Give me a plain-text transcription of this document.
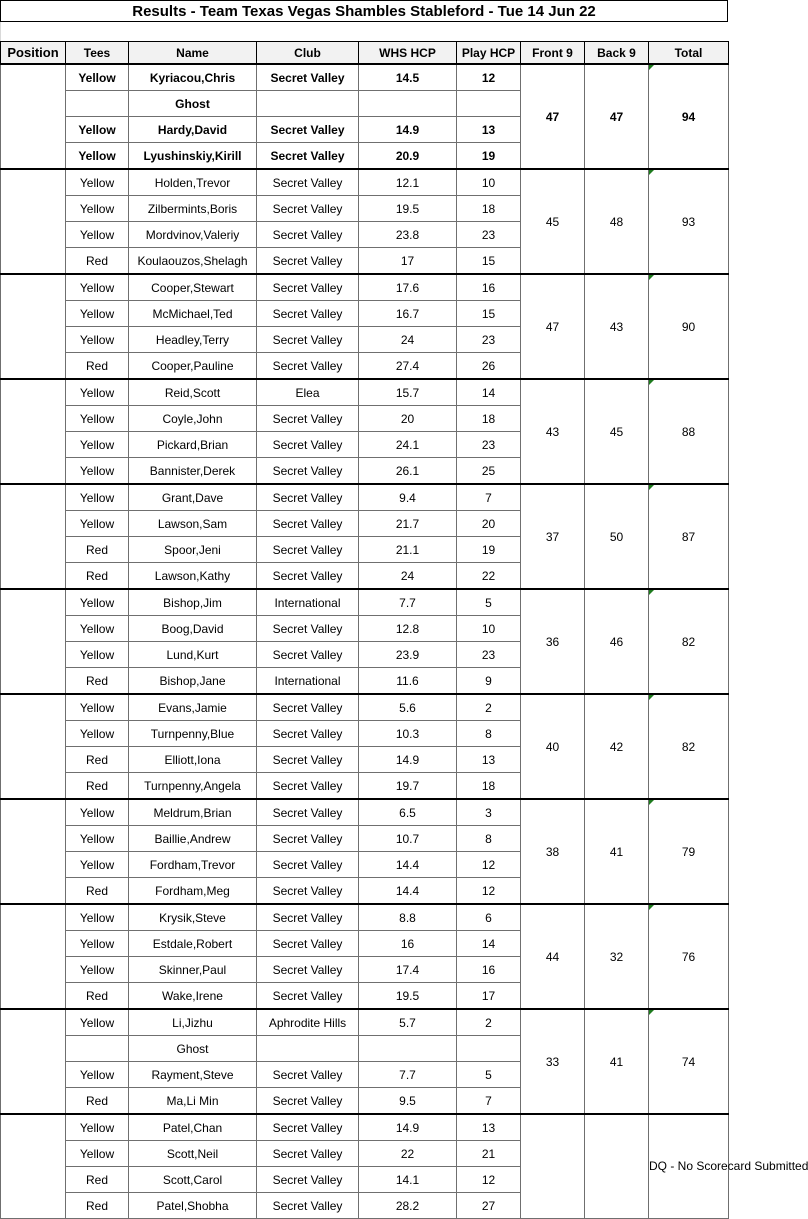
Results - Team Texas Vegas Shambles Stableford - Tue 14 Jun 22
Position	Tees	Name	Club	WHS HCP	Play HCP	Front 9	Back 9	Total
	Yellow	Kyriacou,Chris	Secret Valley	14.5	12	47	47	94

		Ghost						
	Yellow	Hardy,David	Secret Valley	14.9	13			
	Yellow	Lyushinskiy,Kirill	Secret Valley	20.9	19			
	Yellow	Holden,Trevor	Secret Valley	12.1	10	45	48	93

	Yellow	Zilbermints,Boris	Secret Valley	19.5	18			
	Yellow	Mordvinov,Valeriy	Secret Valley	23.8	23			
	Red	Koulaouzos,Shelagh	Secret Valley	17	15			
	Yellow	Cooper,Stewart	Secret Valley	17.6	16	47	43	90

	Yellow	McMichael,Ted	Secret Valley	16.7	15			
	Yellow	Headley,Terry	Secret Valley	24	23			
	Red	Cooper,Pauline	Secret Valley	27.4	26			
	Yellow	Reid,Scott	Elea	15.7	14	43	45	88

	Yellow	Coyle,John	Secret Valley	20	18			
	Yellow	Pickard,Brian	Secret Valley	24.1	23			
	Yellow	Bannister,Derek	Secret Valley	26.1	25			
	Yellow	Grant,Dave	Secret Valley	9.4	7	37	50	87

	Yellow	Lawson,Sam	Secret Valley	21.7	20			
	Red	Spoor,Jeni	Secret Valley	21.1	19			
	Red	Lawson,Kathy	Secret Valley	24	22			
	Yellow	Bishop,Jim	International	7.7	5	36	46	82

	Yellow	Boog,David	Secret Valley	12.8	10			
	Yellow	Lund,Kurt	Secret Valley	23.9	23			
	Red	Bishop,Jane	International	11.6	9			
	Yellow	Evans,Jamie	Secret Valley	5.6	2	40	42	82

	Yellow	Turnpenny,Blue	Secret Valley	10.3	8			
	Red	Elliott,Iona	Secret Valley	14.9	13			
	Red	Turnpenny,Angela	Secret Valley	19.7	18			
	Yellow	Meldrum,Brian	Secret Valley	6.5	3	38	41	79

	Yellow	Baillie,Andrew	Secret Valley	10.7	8			
	Yellow	Fordham,Trevor	Secret Valley	14.4	12			
	Red	Fordham,Meg	Secret Valley	14.4	12			
	Yellow	Krysik,Steve	Secret Valley	8.8	6	44	32	76

	Yellow	Estdale,Robert	Secret Valley	16	14			
	Yellow	Skinner,Paul	Secret Valley	17.4	16			
	Red	Wake,Irene	Secret Valley	19.5	17			
	Yellow	Li,Jizhu	Aphrodite Hills	5.7	2	33	41	74

		Ghost						
	Yellow	Rayment,Steve	Secret Valley	7.7	5			
	Red	Ma,Li Min	Secret Valley	9.5	7			
	Yellow	Patel,Chan	Secret Valley	14.9	13			DQ - No Scorecard Submitted
	Yellow	Scott,Neil	Secret Valley	22	21			
	Red	Scott,Carol	Secret Valley	14.1	12			
	Red	Patel,Shobha	Secret Valley	28.2	27			
